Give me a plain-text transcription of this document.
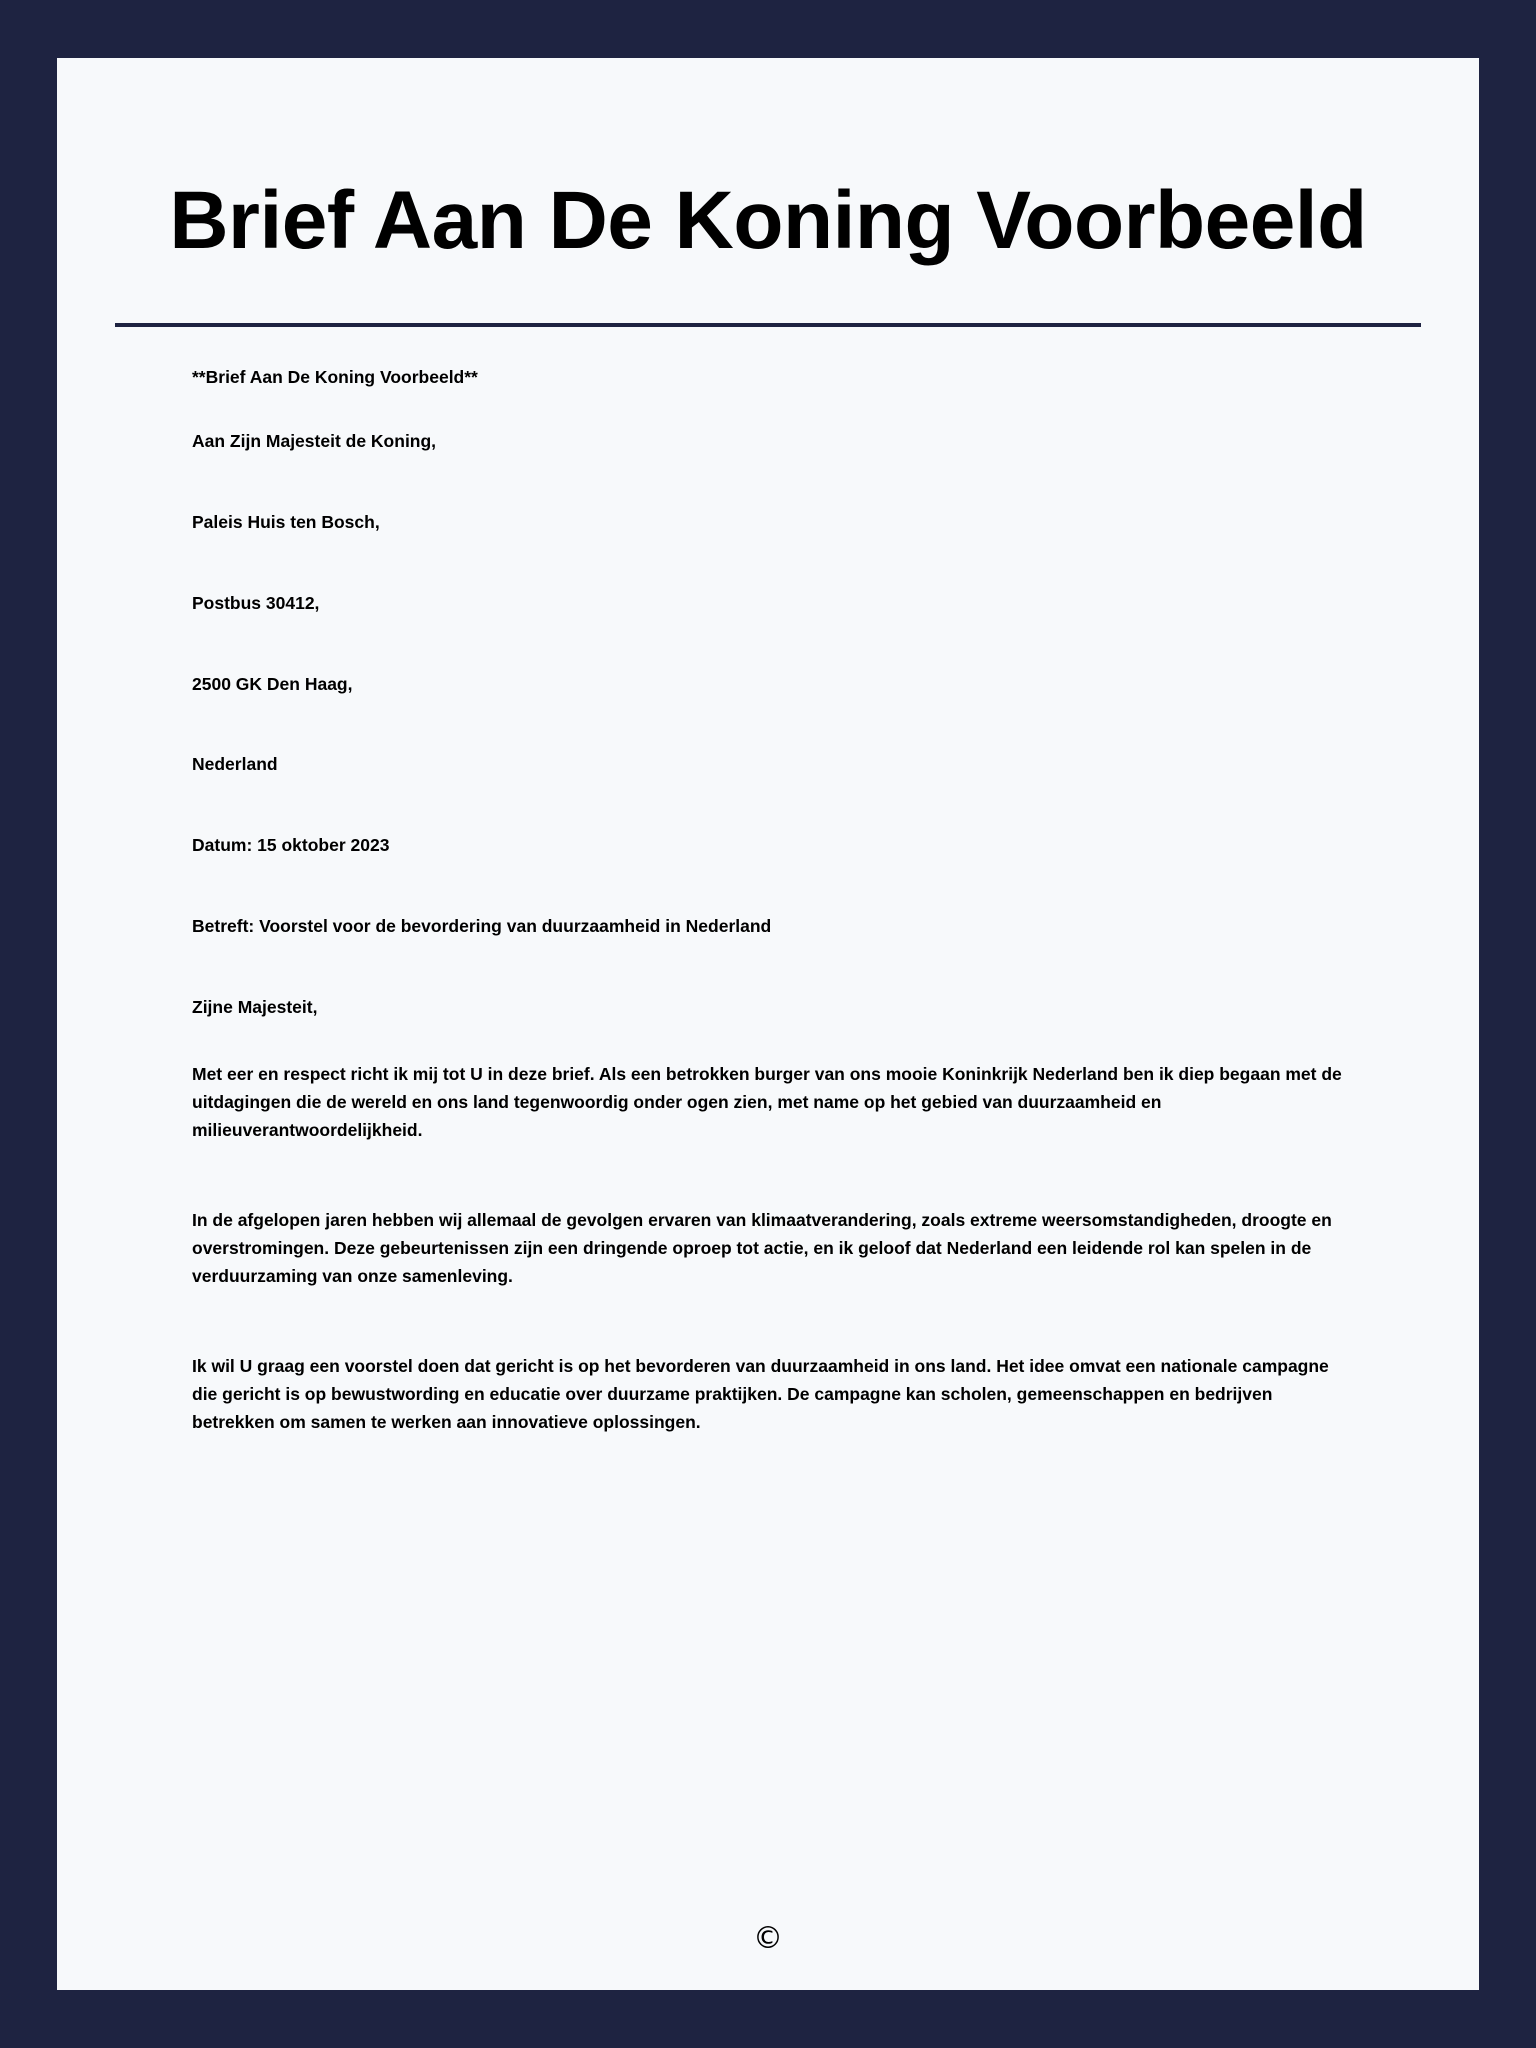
Brief Aan De Koning Voorbeeld

**Brief Aan De Koning Voorbeeld**

Aan Zijn Majesteit de Koning,

Paleis Huis ten Bosch,

Postbus 30412,

2500 GK Den Haag,

Nederland

Datum: 15 oktober 2023

Betreft: Voorstel voor de bevordering van duurzaamheid in Nederland

Zijne Majesteit,

Met eer en respect richt ik mij tot U in deze brief. Als een betrokken burger van ons mooie Koninkrijk Nederland ben ik diep begaan met de uitdagingen die de wereld en ons land tegenwoordig onder ogen zien, met name op het gebied van duurzaamheid en milieuverantwoordelijkheid.

In de afgelopen jaren hebben wij allemaal de gevolgen ervaren van klimaatverandering, zoals extreme weersomstandigheden, droogte en overstromingen. Deze gebeurtenissen zijn een dringende oproep tot actie, en ik geloof dat Nederland een leidende rol kan spelen in de verduurzaming van onze samenleving.

Ik wil U graag een voorstel doen dat gericht is op het bevorderen van duurzaamheid in ons land. Het idee omvat een nationale campagne die gericht is op bewustwording en educatie over duurzame praktijken. De campagne kan scholen, gemeenschappen en bedrijven betrekken om samen te werken aan innovatieve oplossingen.

©
